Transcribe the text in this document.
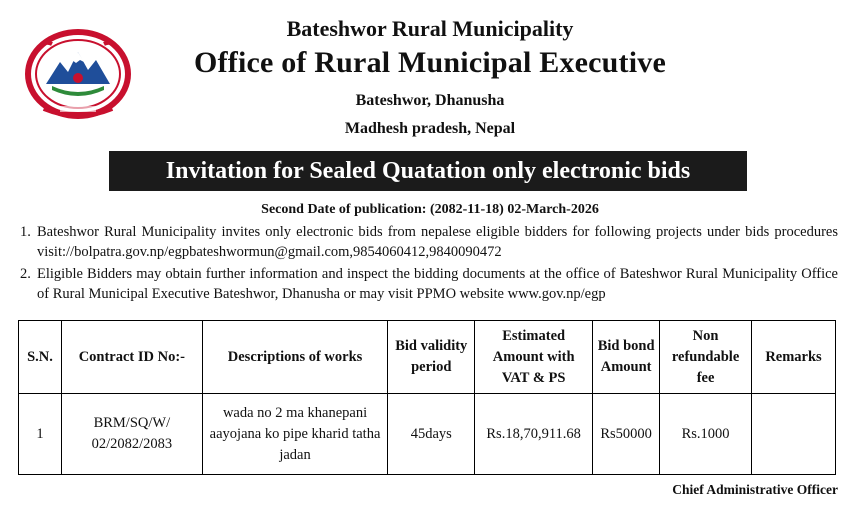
Bateshwor Rural Municipality
Office of Rural Municipal Executive
Bateshwor, Dhanusha
Madhesh pradesh, Nepal
Invitation for Sealed Quatation only electronic bids
Second Date of publication: (2082-11-18) 02-March-2026
1. Bateshwor Rural Municipality invites only electronic bids from nepalese eligible bidders for following projects under bids procedures visit://bolpatra.gov.np/egpbateshwormun@gmail.com,9854060412,9840090472
2. Eligible Bidders may obtain further information and inspect the bidding documents at the office of Bateshwor Rural Municipality Office of Rural Municipal Executive Bateshwor, Dhanusha or may visit PPMO website www.gov.np/egp
S.N.	Contract ID No:-	Descriptions of works	Bid validity period	Estimated Amount with VAT & PS	Bid bond Amount	Non refundable fee	Remarks
1	BRM/SQ/W/ 02/2082/2083	wada no 2 ma khanepani aayojana ko pipe kharid tatha jadan	45days	Rs.18,70,911.68	Rs50000	Rs.1000	
Chief Administrative Officer
